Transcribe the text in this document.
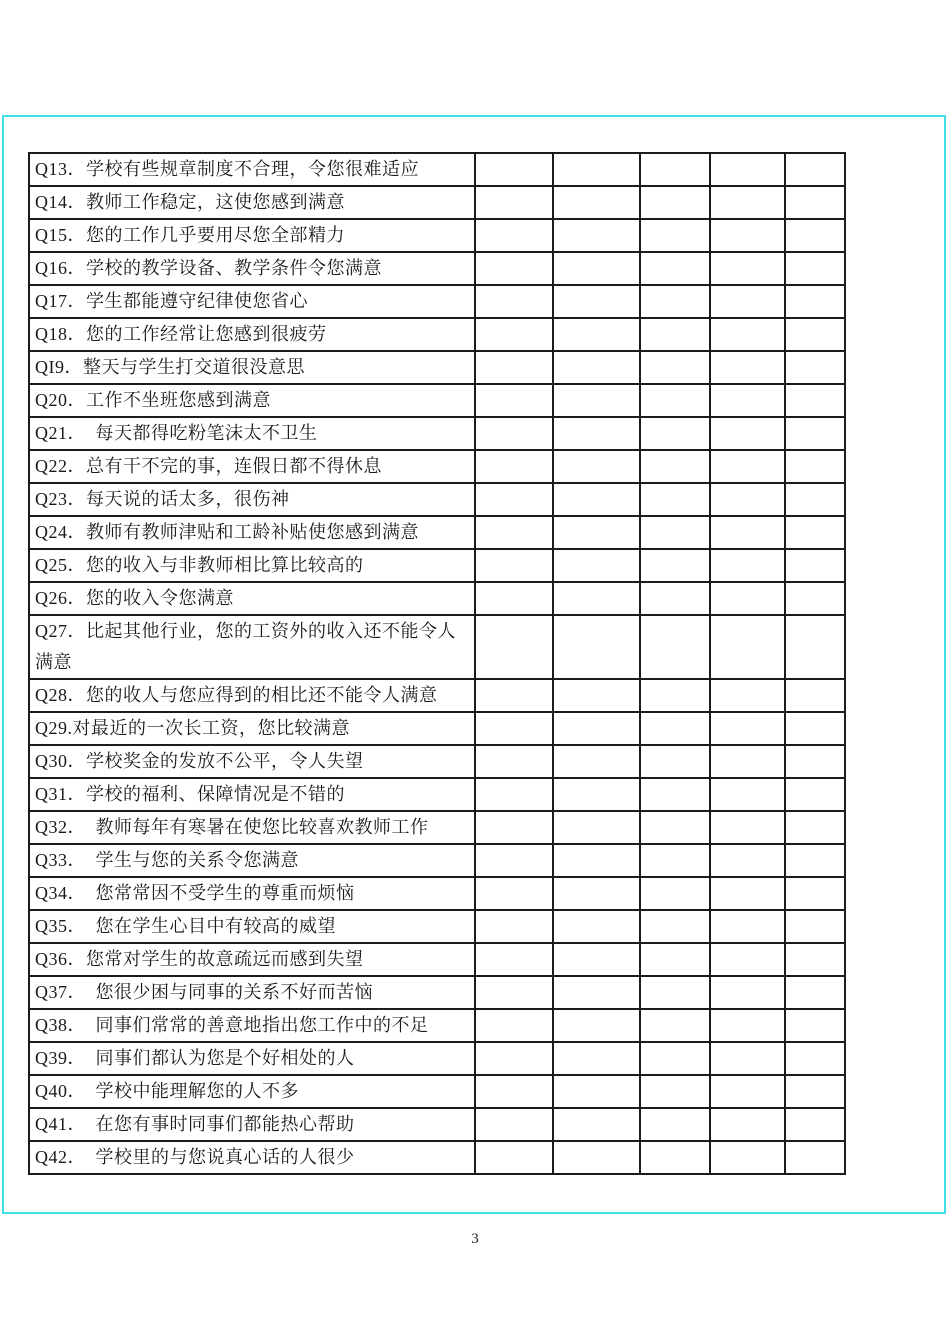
Q13．学校有些规章制度不合理，令您很难适应					
Q14．教师工作稳定，这使您感到满意					
Q15．您的工作几乎要用尽您全部精力					
Q16．学校的教学设备、教学条件令您满意					
Q17．学生都能遵守纪律使您省心					
Q18．您的工作经常让您感到很疲劳					
QI9．整天与学生打交道很没意思					
Q20．工作不坐班您感到满意					
Q21．　每天都得吃粉笔沫太不卫生					
Q22．总有干不完的事，连假日都不得休息					
Q23．每天说的话太多，很伤神					
Q24．教师有教师津贴和工龄补贴使您感到满意					
Q25．您的收入与非教师相比算比较高的					
Q26．您的收入令您满意					
Q27．比起其他行业，您的工资外的收入还不能令人满意					
Q28．您的收人与您应得到的相比还不能令人满意					
Q29.对最近的一次长工资，您比较满意					
Q30．学校奖金的发放不公平，令人失望					
Q31．学校的福利、保障情况是不错的					
Q32．　教师每年有寒暑在使您比较喜欢教师工作					
Q33．　学生与您的关系令您满意					
Q34．　您常常因不受学生的尊重而烦恼					
Q35．　您在学生心目中有较高的威望					
Q36．您常对学生的故意疏远而感到失望					
Q37．　您很少困与同事的关系不好而苦恼					
Q38．　同事们常常的善意地指出您工作中的不足					
Q39．　同事们都认为您是个好相处的人					
Q40．　学校中能理解您的人不多					
Q41．　在您有事时同事们都能热心帮助					
Q42．　学校里的与您说真心话的人很少					
3
